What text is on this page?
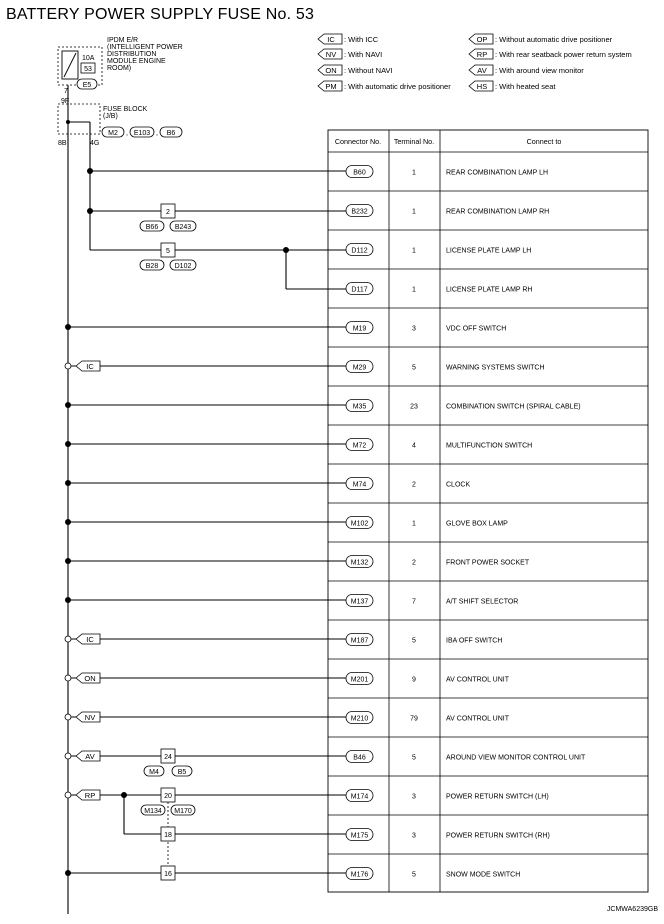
BATTERY POWER SUPPLY FUSE No. 53
IC : With ICC
NV : With NAVI
ON : Without NAVI
PM : With automatic drive positioner
OP : Without automatic drive positioner
RP : With rear seatback power return system
AV : With around view monitor
HS : With heated seat
10A
53
IPDM E/R
(INTELLIGENT POWER
DISTRIBUTION
MODULE ENGINE
ROOM)
E5
7
9F
FUSE BLOCK
(J/B)
M2 , E103 , B6
8B	4G
IC
IC
ON
NV
AV
RP
2
B66 B243
5
B28 D102
24
M4	B5
20
M134 M170
18
16
Connector No. Terminal No.	Connect to
B60	1	REAR COMBINATION LAMP LH
B232	1	REAR COMBINATION LAMP RH
D112	1	LICENSE PLATE LAMP LH
D117	1	LICENSE PLATE LAMP RH
M19	3	VDC OFF SWITCH
M29	5	WARNING SYSTEMS SWITCH
M35	23	COMBINATION SWITCH (SPIRAL CABLE)
M72	4	MULTIFUNCTION SWITCH
M74	2	CLOCK
M102	1	GLOVE BOX LAMP
M132	2	FRONT POWER SOCKET
M137	7	A/T SHIFT SELECTOR
M187	5	IBA OFF SWITCH
M201	9	AV CONTROL UNIT
M210	79	AV CONTROL UNIT
B46	5	AROUND VIEW MONITOR CONTROL UNIT
M174	3	POWER RETURN SWITCH (LH)
M175	3	POWER RETURN SWITCH (RH)
M176	5	SNOW MODE SWITCH
JCMWA6239GB
